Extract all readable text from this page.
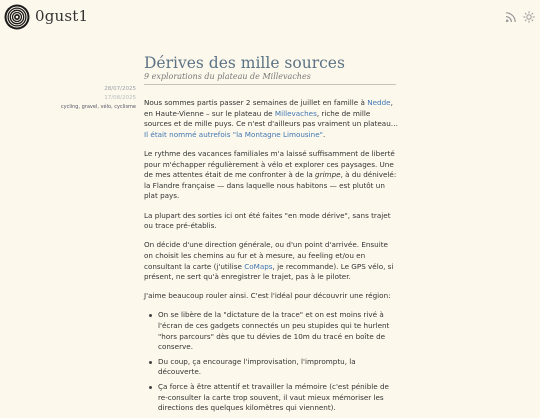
0gust1
Dérives des mille sources

9 explorations du plateau de Millevaches

28/07/2025
17/08/2025
cycling, gravel, vélo, cyclisme Nous sommes partis passer 2 semaines de juillet en famille à Nedde, en Haute-Vienne – sur le plateau de Millevaches, riche de mille sources et de mille puys. Ce n'est d'ailleurs pas vraiment un plateau… Il était nommé autrefois "la Montagne Limousine".

Le rythme des vacances familiales m'a laissé suffisamment de liberté pour m'échapper régulièrement à vélo et explorer ces paysages. Une de mes attentes était de me confronter à de la grimpe, à du dénivelé: la Flandre française — dans laquelle nous habitons — est plutôt un plat pays.

La plupart des sorties ici ont été faites "en mode dérive", sans trajet ou trace pré-établis.

On décide d'une direction générale, ou d'un point d'arrivée. Ensuite on choisit les chemins au fur et à mesure, au feeling et/ou en consultant la carte (j'utilise CoMaps, je recommande). Le GPS vélo, si présent, ne sert qu'à enregistrer le trajet, pas à le piloter.

J'aime beaucoup rouler ainsi. C'est l'idéal pour découvrir une région:

On se libère de la "dictature de la trace" et on est moins rivé à l'écran de ces gadgets connectés un peu stupides qui te hurlent "hors parcours" dès que tu dévies de 10m du tracé en boîte de conserve.
Du coup, ça encourage l'improvisation, l'impromptu, la découverte.
Ça force à être attentif et travailler la mémoire (c'est pénible de re-consulter la carte trop souvent, il vaut mieux mémoriser les directions des quelques kilomètres qui viennent).
